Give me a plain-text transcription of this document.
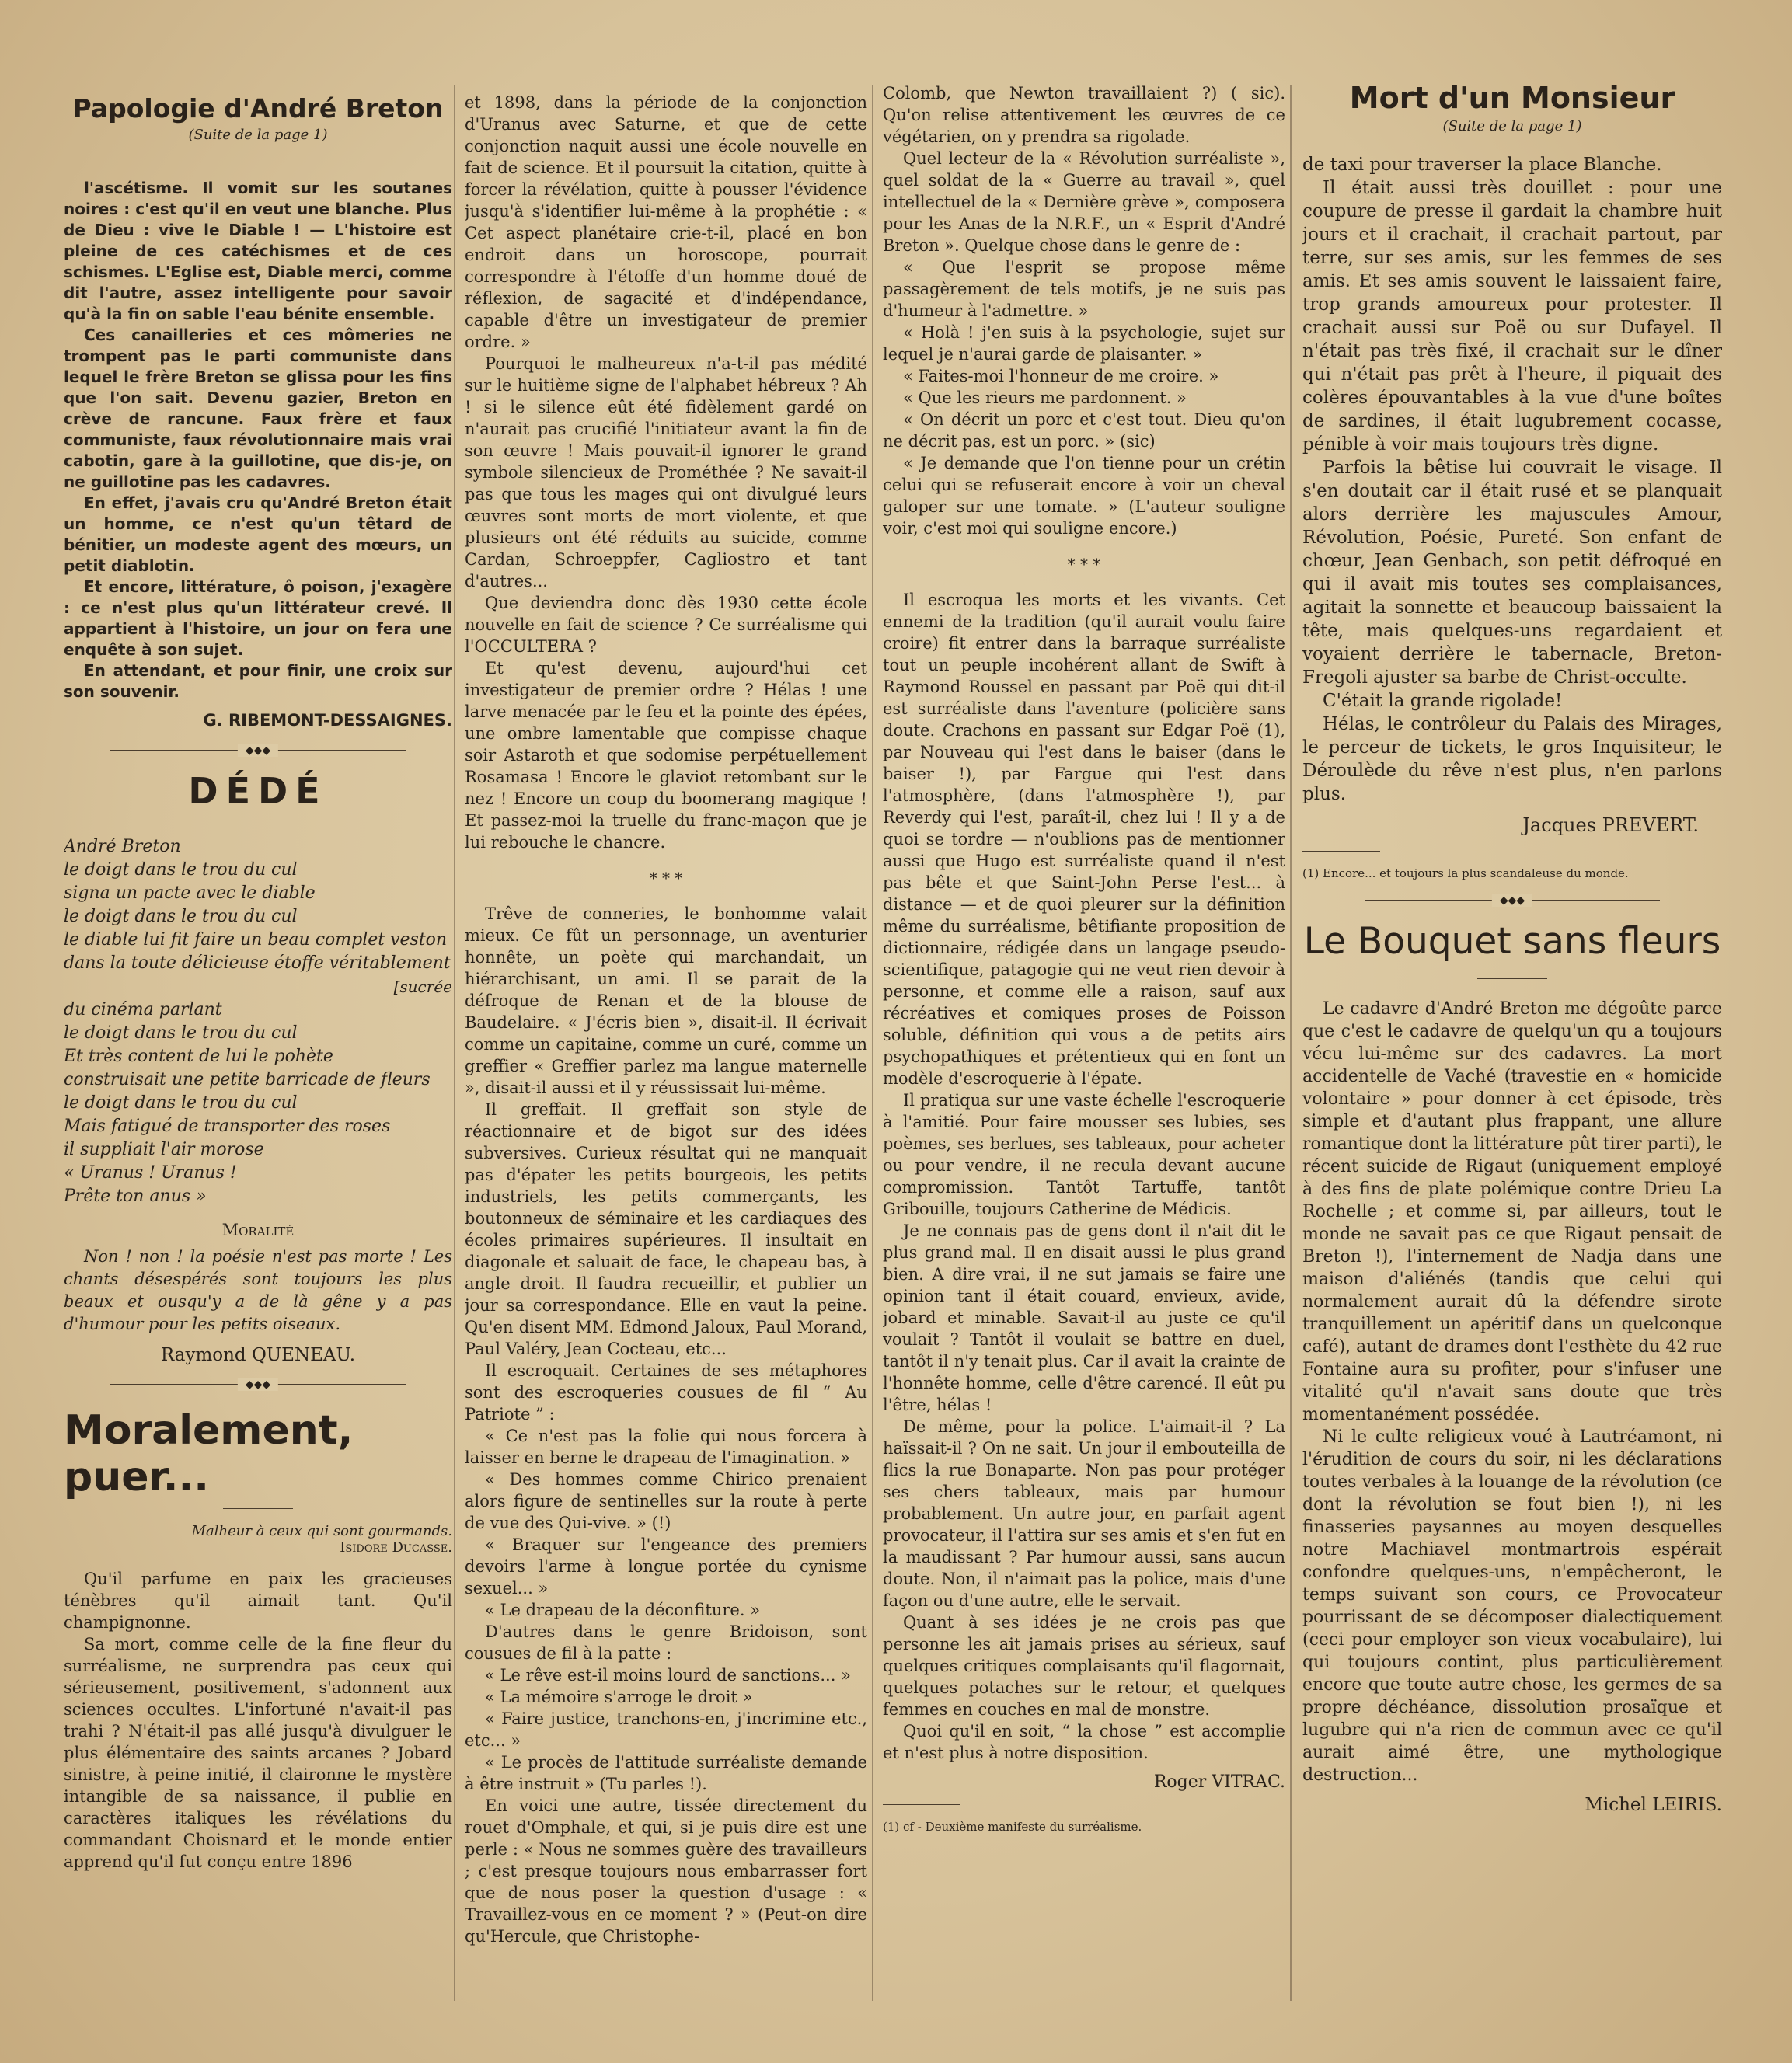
Papologie d'André Breton
(Suite de la page 1)

l'ascétisme. Il vomit sur les soutanes noires : c'est qu'il en veut une blanche. Plus de Dieu : vive le Diable ! — L'histoire est pleine de ces catéchismes et de ces schismes. L'Eglise est, Diable merci, comme dit l'autre, assez intelligente pour savoir qu'à la fin on sable l'eau bénite ensemble.

Ces canailleries et ces mômeries ne trompent pas le parti communiste dans lequel le frère Breton se glissa pour les fins que l'on sait. Devenu gazier, Breton en crève de rancune. Faux frère et faux communiste, faux révolutionnaire mais vrai cabotin, gare à la guillotine, que dis-je, on ne guillotine pas les cadavres.

En effet, j'avais cru qu'André Breton était un homme, ce n'est qu'un têtard de bénitier, un modeste agent des mœurs, un petit diablotin.

Et encore, littérature, ô poison, j'exagère : ce n'est plus qu'un littérateur crevé. Il appartient à l'histoire, un jour on fera une enquête à son sujet.

En attendant, et pour finir, une croix sur son souvenir.

G. RIBEMONT-DESSAIGNES.
◆◆◆
DÉDÉ
André Breton
le doigt dans le trou du cul
signa un pacte avec le diable
le doigt dans le trou du cul
le diable lui fit faire un beau complet veston
dans la toute délicieuse étoffe véritablement
[sucrée
du cinéma parlant
le doigt dans le trou du cul
Et très content de lui le pohète
construisait une petite barricade de fleurs
le doigt dans le trou du cul
Mais fatigué de transporter des roses
il suppliait l'air morose
« Uranus ! Uranus !
Prête ton anus »
Moralité
Non ! non ! la poésie n'est pas morte ! Les chants désespérés sont toujours les plus beaux et ousqu'y a de là gêne y a pas d'humour pour les petits oiseaux.
Raymond QUENEAU.
◆◆◆
Moralement, puer...
Malheur à ceux qui sont gourmands.
Isidore Ducasse.

Qu'il parfume en paix les gracieuses ténèbres qu'il aimait tant. Qu'il champignonne.

Sa mort, comme celle de la fine fleur du surréalisme, ne surprendra pas ceux qui sérieusement, positivement, s'adonnent aux sciences occultes. L'infortuné n'avait-il pas trahi ? N'était-il pas allé jusqu'à divulguer le plus élémentaire des saints arcanes ? Jobard sinistre, à peine initié, il claironne le mystère intangible de sa naissance, il publie en caractères italiques les révélations du commandant Choisnard et le monde entier apprend qu'il fut conçu entre 1896

et 1898, dans la période de la conjonction d'Uranus avec Saturne, et que de cette conjonction naquit aussi une école nouvelle en fait de science. Et il poursuit la citation, quitte à forcer la révélation, quitte à pousser l'évidence jusqu'à s'identifier lui-même à la prophétie : « Cet aspect planétaire crie-t-il, placé en bon endroit dans un horoscope, pourrait correspondre à l'étoffe d'un homme doué de réflexion, de sagacité et d'indépendance, capable d'être un investigateur de premier ordre. »

Pourquoi le malheureux n'a-t-il pas médité sur le huitième signe de l'alphabet hébreux ? Ah ! si le silence eût été fidèlement gardé on n'aurait pas crucifié l'initiateur avant la fin de son œuvre ! Mais pouvait-il ignorer le grand symbole silencieux de Prométhée ? Ne savait-il pas que tous les mages qui ont divulgué leurs œuvres sont morts de mort violente, et que plusieurs ont été réduits au suicide, comme Cardan, Schroeppfer, Cagliostro et tant d'autres...

Que deviendra donc dès 1930 cette école nouvelle en fait de science ? Ce surréalisme qui l'OCCULTERA ?

Et qu'est devenu, aujourd'hui cet investigateur de premier ordre ? Hélas ! une larve menacée par le feu et la pointe des épées, une ombre lamentable que compisse chaque soir Astaroth et que sodomise perpétuellement Rosamasa ! Encore le glaviot retombant sur le nez ! Encore un coup du boomerang magique ! Et passez-moi la truelle du franc-maçon que je lui rebouche le chancre.

* * *

Trêve de conneries, le bonhomme valait mieux. Ce fût un personnage, un aventurier honnête, un poète qui marchandait, un hiérarchisant, un ami. Il se parait de la défroque de Renan et de la blouse de Baudelaire. « J'écris bien », disait-il. Il écrivait comme un capitaine, comme un curé, comme un greffier « Greffier parlez ma langue maternelle », disait-il aussi et il y réussissait lui-même.

Il greffait. Il greffait son style de réactionnaire et de bigot sur des idées subversives. Curieux résultat qui ne manquait pas d'épater les petits bourgeois, les petits industriels, les petits commerçants, les boutonneux de séminaire et les cardiaques des écoles primaires supérieures. Il insultait en diagonale et saluait de face, le chapeau bas, à angle droit. Il faudra recueillir, et publier un jour sa correspondance. Elle en vaut la peine. Qu'en disent MM. Edmond Jaloux, Paul Morand, Paul Valéry, Jean Cocteau, etc...

Il escroquait. Certaines de ses métaphores sont des escroqueries cousues de fil “ Au Patriote ” :

« Ce n'est pas la folie qui nous forcera à laisser en berne le drapeau de l'imagination. »

« Des hommes comme Chirico prenaient alors figure de sentinelles sur la route à perte de vue des Qui-vive. » (!)

« Braquer sur l'engeance des premiers devoirs l'arme à longue portée du cynisme sexuel... »

« Le drapeau de la déconfiture. »

D'autres dans le genre Bridoison, sont cousues de fil à la patte :

« Le rêve est-il moins lourd de sanctions... »

« La mémoire s'arroge le droit »

« Faire justice, tranchons-en, j'incrimine etc., etc... »

« Le procès de l'attitude surréaliste demande à être instruit » (Tu parles !).

En voici une autre, tissée directement du rouet d'Omphale, et qui, si je puis dire est une perle : « Nous ne sommes guère des travailleurs ; c'est presque toujours nous embarrasser fort que de nous poser la question d'usage : « Travaillez-vous en ce moment ? » (Peut-on dire qu'Hercule, que Christophe-

Colomb, que Newton travaillaient ?) ( sic). Qu'on relise attentivement les œuvres de ce végétarien, on y prendra sa rigolade.

Quel lecteur de la « Révolution surréaliste », quel soldat de la « Guerre au travail », quel intellectuel de la « Dernière grève », composera pour les Anas de la N.R.F., un « Esprit d'André Breton ». Quelque chose dans le genre de :

« Que l'esprit se propose même passagèrement de tels motifs, je ne suis pas d'humeur à l'admettre. »

« Holà ! j'en suis à la psychologie, sujet sur lequel je n'aurai garde de plaisanter. »

« Faites-moi l'honneur de me croire. »

« Que les rieurs me pardonnent. »

« On décrit un porc et c'est tout. Dieu qu'on ne décrit pas, est un porc. » (sic)

« Je demande que l'on tienne pour un crétin celui qui se refuserait encore à voir un cheval galoper sur une tomate. » (L'auteur souligne voir, c'est moi qui souligne encore.)

* * *

Il escroqua les morts et les vivants. Cet ennemi de la tradition (qu'il aurait voulu faire croire) fit entrer dans la barraque surréaliste tout un peuple incohérent allant de Swift à Raymond Roussel en passant par Poë qui dit-il est surréaliste dans l'aventure (policière sans doute. Crachons en passant sur Edgar Poë (1), par Nouveau qui l'est dans le baiser (dans le baiser !), par Fargue qui l'est dans l'atmosphère, (dans l'atmosphère !), par Reverdy qui l'est, paraît-il, chez lui ! Il y a de quoi se tordre — n'oublions pas de mentionner aussi que Hugo est surréaliste quand il n'est pas bête et que Saint-John Perse l'est... à distance — et de quoi pleurer sur la définition même du surréalisme, bêtifiante proposition de dictionnaire, rédigée dans un langage pseudo-scientifique, patagogie qui ne veut rien devoir à personne, et comme elle a raison, sauf aux récréatives et comiques proses de Poisson soluble, définition qui vous a de petits airs psychopathiques et prétentieux qui en font un modèle d'escroquerie à l'épate.

Il pratiqua sur une vaste échelle l'escroquerie à l'amitié. Pour faire mousser ses lubies, ses poèmes, ses berlues, ses tableaux, pour acheter ou pour vendre, il ne recula devant aucune compromission. Tantôt Tartuffe, tantôt Gribouille, toujours Catherine de Médicis.

Je ne connais pas de gens dont il n'ait dit le plus grand mal. Il en disait aussi le plus grand bien. A dire vrai, il ne sut jamais se faire une opinion tant il était couard, envieux, avide, jobard et minable. Savait-il au juste ce qu'il voulait ? Tantôt il voulait se battre en duel, tantôt il n'y tenait plus. Car il avait la crainte de l'honnête homme, celle d'être carencé. Il eût pu l'être, hélas !

De même, pour la police. L'aimait-il ? La haïssait-il ? On ne sait. Un jour il embouteilla de flics la rue Bonaparte. Non pas pour protéger ses chers tableaux, mais par humour probablement. Un autre jour, en parfait agent provocateur, il l'attira sur ses amis et s'en fut en la maudissant ? Par humour aussi, sans aucun doute. Non, il n'aimait pas la police, mais d'une façon ou d'une autre, elle le servait.

Quant à ses idées je ne crois pas que personne les ait jamais prises au sérieux, sauf quelques critiques complaisants qu'il flagornait, quelques potaches sur le retour, et quelques femmes en couches en mal de monstre.

Quoi qu'il en soit, “ la chose ” est accomplie et n'est plus à notre disposition.

Roger VITRAC.
(1) cf - Deuxième manifeste du surréalisme.
Mort d'un Monsieur
(Suite de la page 1)

de taxi pour traverser la place Blanche.

Il était aussi très douillet : pour une coupure de presse il gardait la chambre huit jours et il crachait, il crachait partout, par terre, sur ses amis, sur les femmes de ses amis. Et ses amis souvent le laissaient faire, trop grands amoureux pour protester. Il crachait aussi sur Poë ou sur Dufayel. Il n'était pas très fixé, il crachait sur le dîner qui n'était pas prêt à l'heure, il piquait des colères épouvantables à la vue d'une boîtes de sardines, il était lugubrement cocasse, pénible à voir mais toujours très digne.

Parfois la bêtise lui couvrait le visage. Il s'en doutait car il était rusé et se planquait alors derrière les majuscules Amour, Révolution, Poésie, Pureté. Son enfant de chœur, Jean Genbach, son petit défroqué en qui il avait mis toutes ses complaisances, agitait la sonnette et beaucoup baissaient la tête, mais quelques-uns regardaient et voyaient derrière le tabernacle, Breton-Fregoli ajuster sa barbe de Christ-occulte.

C'était la grande rigolade!

Hélas, le contrôleur du Palais des Mirages, le perceur de tickets, le gros Inquisiteur, le Déroulède du rêve n'est plus, n'en parlons plus.

Jacques PREVERT.
(1) Encore... et toujours la plus scandaleuse du monde.
◆◆◆
Le Bouquet sans fleurs

Le cadavre d'André Breton me dégoûte parce que c'est le cadavre de quelqu'un qu a toujours vécu lui-même sur des cadavres. La mort accidentelle de Vaché (travestie en « homicide volontaire » pour donner à cet épisode, très simple et d'autant plus frappant, une allure romantique dont la littérature pût tirer parti), le récent suicide de Rigaut (uniquement employé à des fins de plate polémique contre Drieu La Rochelle ; et comme si, par ailleurs, tout le monde ne savait pas ce que Rigaut pensait de Breton !), l'internement de Nadja dans une maison d'aliénés (tandis que celui qui normalement aurait dû la défendre sirote tranquillement un apéritif dans un quelconque café), autant de drames dont l'esthète du 42 rue Fontaine aura su profiter, pour s'infuser une vitalité qu'il n'avait sans doute que très momentanément possédée.

Ni le culte religieux voué à Lautréamont, ni l'érudition de cours du soir, ni les déclarations toutes verbales à la louange de la révolution (ce dont la révolution se fout bien !), ni les finasseries paysannes au moyen desquelles notre Machiavel montmartrois espérait confondre quelques-uns, n'empêcheront, le temps suivant son cours, ce Provocateur pourrissant de se décomposer dialectiquement (ceci pour employer son vieux vocabulaire), lui qui toujours contint, plus particulièrement encore que toute autre chose, les germes de sa propre déchéance, dissolution prosaïque et lugubre qui n'a rien de commun avec ce qu'il aurait aimé être, une mythologique destruction...

Michel LEIRIS.
